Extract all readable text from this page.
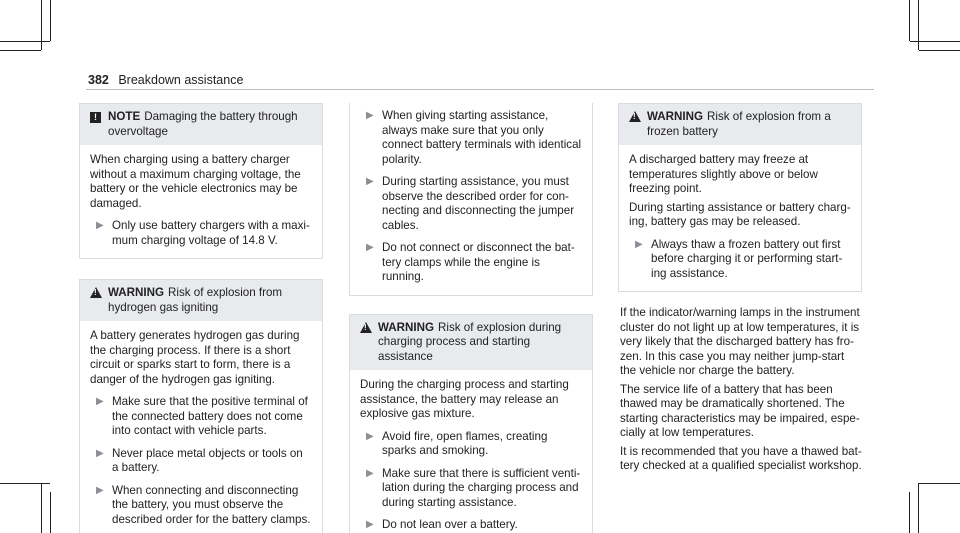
382 Breakdown assistance
! NOTE Damaging the battery through overvoltage

When charging using a battery charger without a maximum charging voltage, the battery or the vehicle electronics may be damaged.

▶ Only use battery chargers with a maximum charging voltage of 14.8 V.
!
WARNING Risk of explosion from hydrogen gas igniting

A battery generates hydrogen gas during the charging process. If there is a short circuit or sparks start to form, there is a danger of the hydrogen gas igniting.

▶ Make sure that the positive terminal of the connected battery does not come into contact with vehicle parts.
▶ Never place metal objects or tools on a battery.
▶ When connecting and disconnecting the battery, you must observe the described order for the battery clamps.
▶ When giving starting assistance, always make sure that you only connect battery terminals with identical polarity.
▶ During starting assistance, you must observe the described order for connecting and disconnecting the jumper cables.
▶ Do not connect or disconnect the battery clamps while the engine is running.
!
WARNING Risk of explosion during charging process and starting assistance

During the charging process and starting assistance, the battery may release an explosive gas mixture.

▶ Avoid fire, open flames, creating sparks and smoking.
▶ Make sure that there is sufficient ventilation during the charging process and during starting assistance.
▶ Do not lean over a battery.
!
WARNING Risk of explosion from a frozen battery

A discharged battery may freeze at temperatures slightly above or below freezing point.

During starting assistance or battery charging, battery gas may be released.

▶ Always thaw a frozen battery out first before charging it or performing starting assistance.

If the indicator/warning lamps in the instrument cluster do not light up at low temperatures, it is very likely that the discharged battery has frozen. In this case you may neither jump-start the vehicle nor charge the battery.

The service life of a battery that has been thawed may be dramatically shortened. The starting characteristics may be impaired, especially at low temperatures.

It is recommended that you have a thawed battery checked at a qualified specialist workshop.
